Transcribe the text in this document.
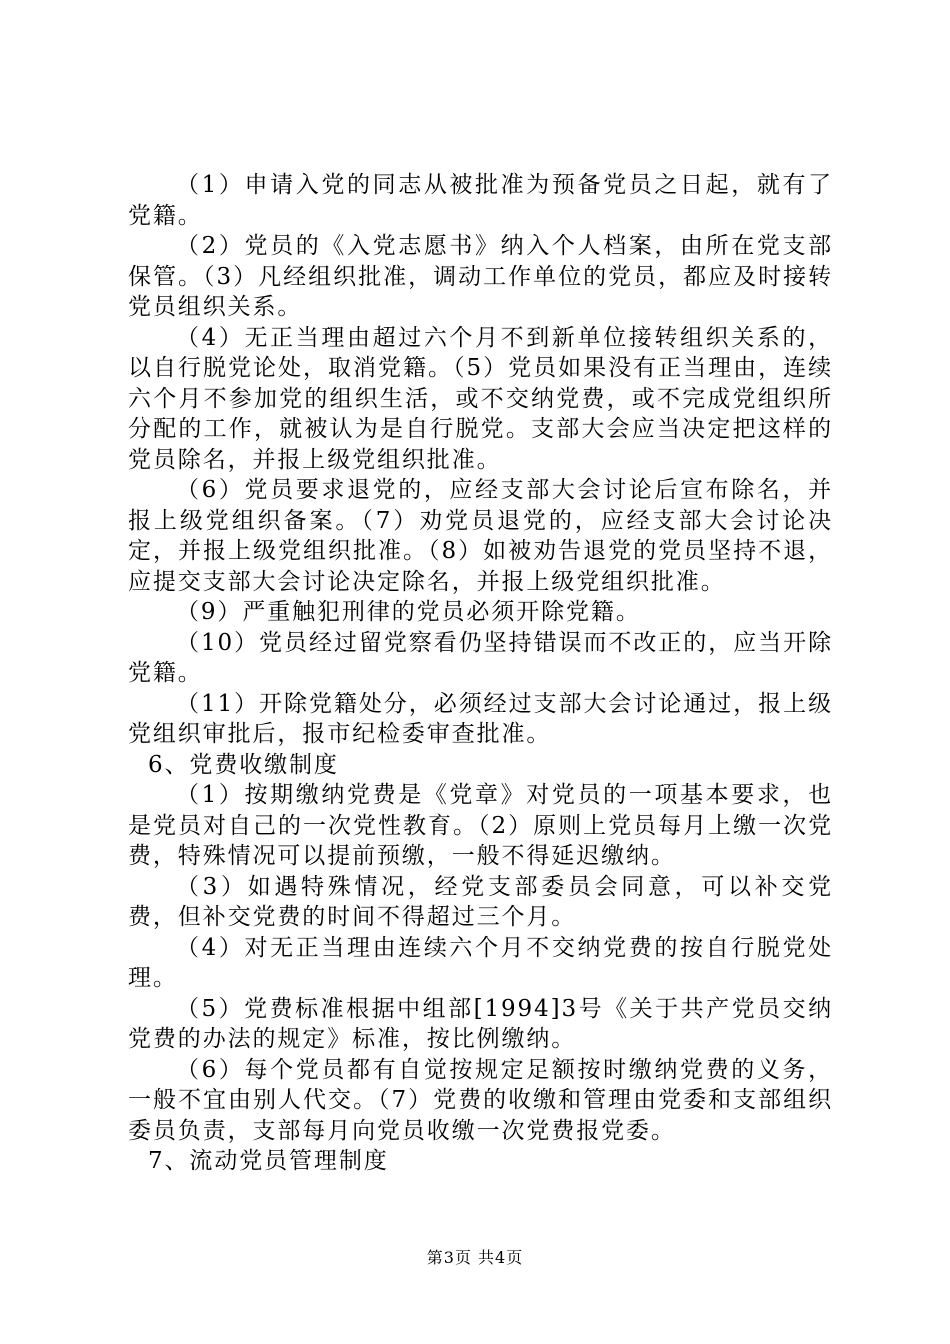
（1）申请入党的同志从被批准为预备党员之日起，就有了党籍。

（2）党员的《入党志愿书》纳入个人档案，由所在党支部保管。（3）凡经组织批准，调动工作单位的党员，都应及时接转党员组织关系。

（4）无正当理由超过六个月不到新单位接转组织关系的，以自行脱党论处，取消党籍。（5）党员如果没有正当理由，连续六个月不参加党的组织生活，或不交纳党费，或不完成党组织所分配的工作，就被认为是自行脱党。支部大会应当决定把这样的党员除名，并报上级党组织批准。

（6）党员要求退党的，应经支部大会讨论后宣布除名，并报上级党组织备案。（7）劝党员退党的，应经支部大会讨论决定，并报上级党组织批准。（8）如被劝告退党的党员坚持不退，应提交支部大会讨论决定除名，并报上级党组织批准。

（9）严重触犯刑律的党员必须开除党籍。

（10）党员经过留党察看仍坚持错误而不改正的，应当开除党籍。

（11）开除党籍处分，必须经过支部大会讨论通过，报上级党组织审批后，报市纪检委审查批准。

6、党费收缴制度

（1）按期缴纳党费是《党章》对党员的一项基本要求，也是党员对自己的一次党性教育。（2）原则上党员每月上缴一次党费，特殊情况可以提前预缴，一般不得延迟缴纳。

（3）如遇特殊情况，经党支部委员会同意，可以补交党费，但补交党费的时间不得超过三个月。

（4）对无正当理由连续六个月不交纳党费的按自行脱党处理。

（5）党费标准根据中组部[1994]3号《关于共产党员交纳党费的办法的规定》标准，按比例缴纳。

（6）每个党员都有自觉按规定足额按时缴纳党费的义务，一般不宜由别人代交。（7）党费的收缴和管理由党委和支部组织委员负责，支部每月向党员收缴一次党费报党委。

7、流动党员管理制度

第3页 共4页
